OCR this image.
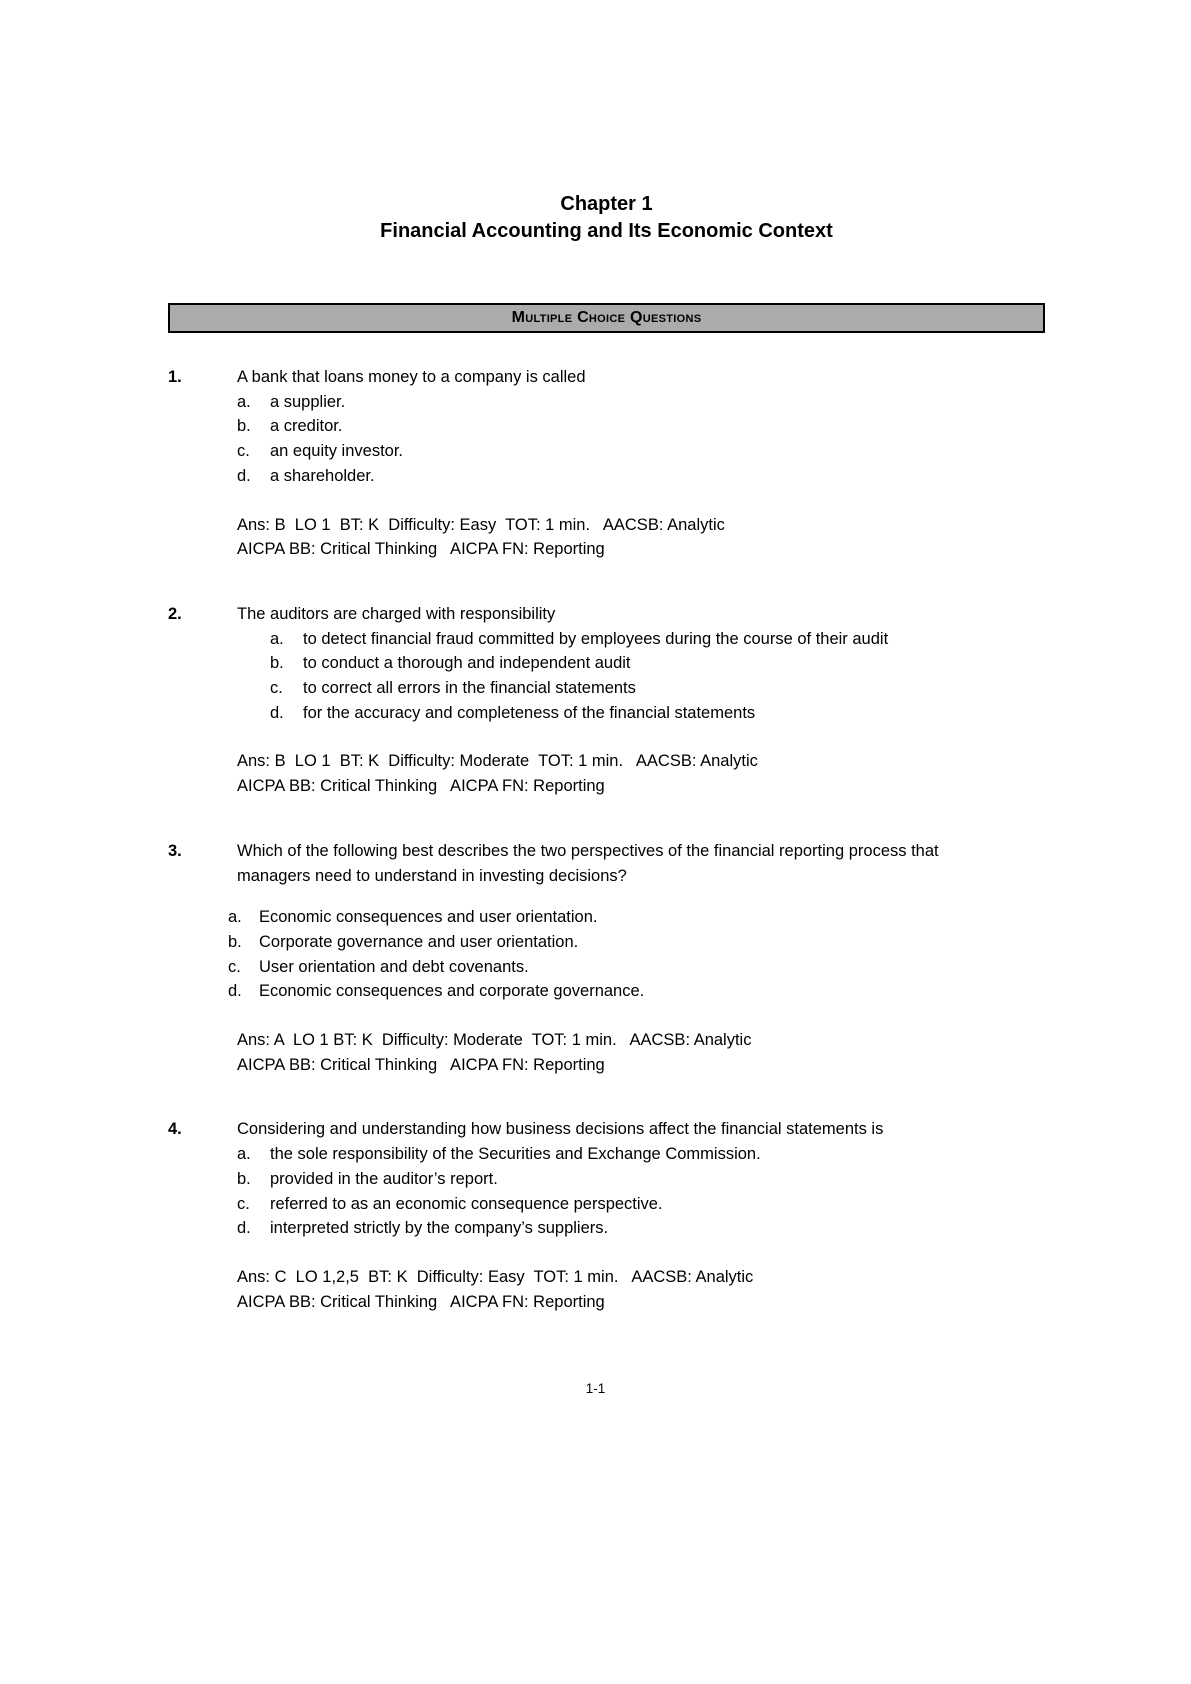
Chapter 1
Financial Accounting and Its Economic Context
Multiple Choice Questions
1.	A bank that loans money to a company is called
a.	a supplier.
b.	a creditor.
c.	an equity investor.
d.	a shareholder.
Ans: B  LO 1  BT: K  Difficulty: Easy  TOT: 1 min.   AACSB: Analytic
AICPA BB: Critical Thinking   AICPA FN: Reporting
2.	The auditors are charged with responsibility
a.	to detect financial fraud committed by employees during the course of their audit
b.	to conduct a thorough and independent audit
c.	to correct all errors in the financial statements
d.	for the accuracy and completeness of the financial statements
Ans: B  LO 1  BT: K  Difficulty: Moderate  TOT: 1 min.   AACSB: Analytic
AICPA BB: Critical Thinking   AICPA FN: Reporting
3.	Which of the following best describes the two perspectives of the financial reporting process that managers need to understand in investing decisions?
a.	Economic consequences and user orientation.
b.	Corporate governance and user orientation.
c.	User orientation and debt covenants.
d.	Economic consequences and corporate governance.
Ans: A  LO 1 BT: K  Difficulty: Moderate  TOT: 1 min.   AACSB: Analytic
AICPA BB: Critical Thinking   AICPA FN: Reporting
4.	Considering and understanding how business decisions affect the financial statements is
a.	the sole responsibility of the Securities and Exchange Commission.
b.	provided in the auditor’s report.
c.	referred to as an economic consequence perspective.
d.	interpreted strictly by the company’s suppliers.
Ans: C  LO 1,2,5  BT: K  Difficulty: Easy  TOT: 1 min.   AACSB: Analytic
AICPA BB: Critical Thinking   AICPA FN: Reporting
1-1
